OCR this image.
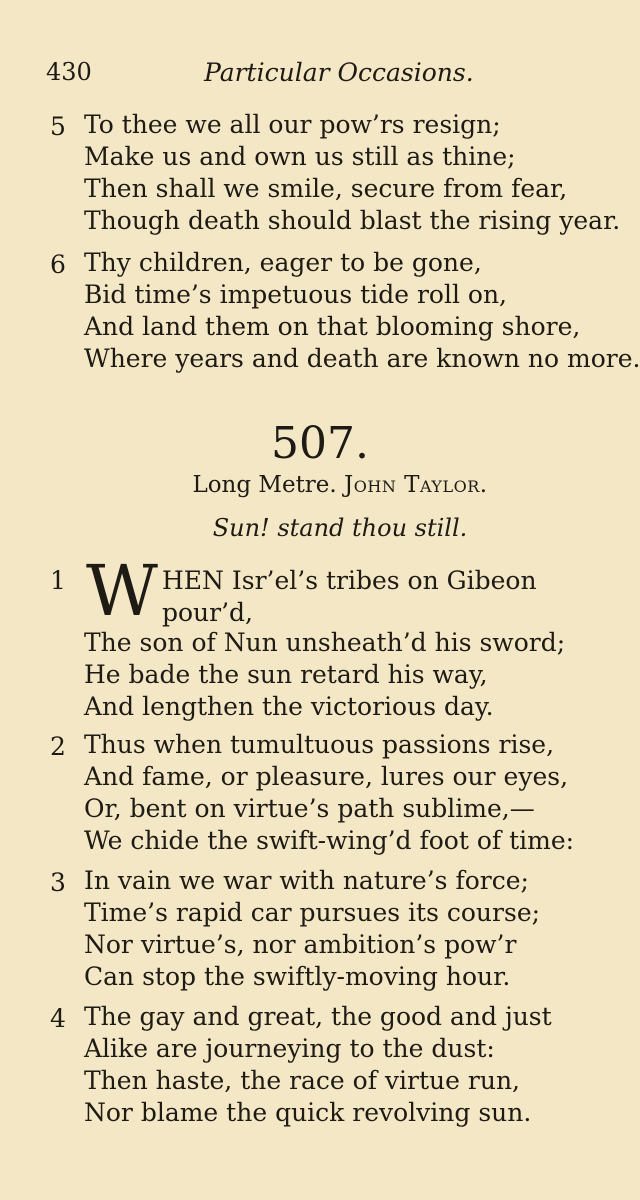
430	Particular Occasions.
5 To thee we all our pow’rs resign;
Make us and own us still as thine;
Then shall we smile, secure from fear,
Though death should blast the rising year.
6 Thy children, eager to be gone,
Bid time’s impetuous tide roll on,
And land them on that blooming shore,
Where years and death are known no more.
507.
Long Metre. John Taylor.
Sun! stand thou still.
1	HEN Isr’el’s tribes on Gibeon
pour’d,
The son of Nun unsheath’d his sword;
He bade the sun retard his way,
And lengthen the victorious day.
W
2 Thus when tumultuous passions rise,
And fame, or pleasure, lures our eyes,
Or, bent on virtue’s path sublime,—
We chide the swift-wing’d foot of time:
3 In vain we war with nature’s force;
Time’s rapid car pursues its course;
Nor virtue’s, nor ambition’s pow’r
Can stop the swiftly-moving hour.
4 The gay and great, the good and just
Alike are journeying to the dust:
Then haste, the race of virtue run,
Nor blame the quick revolving sun.
